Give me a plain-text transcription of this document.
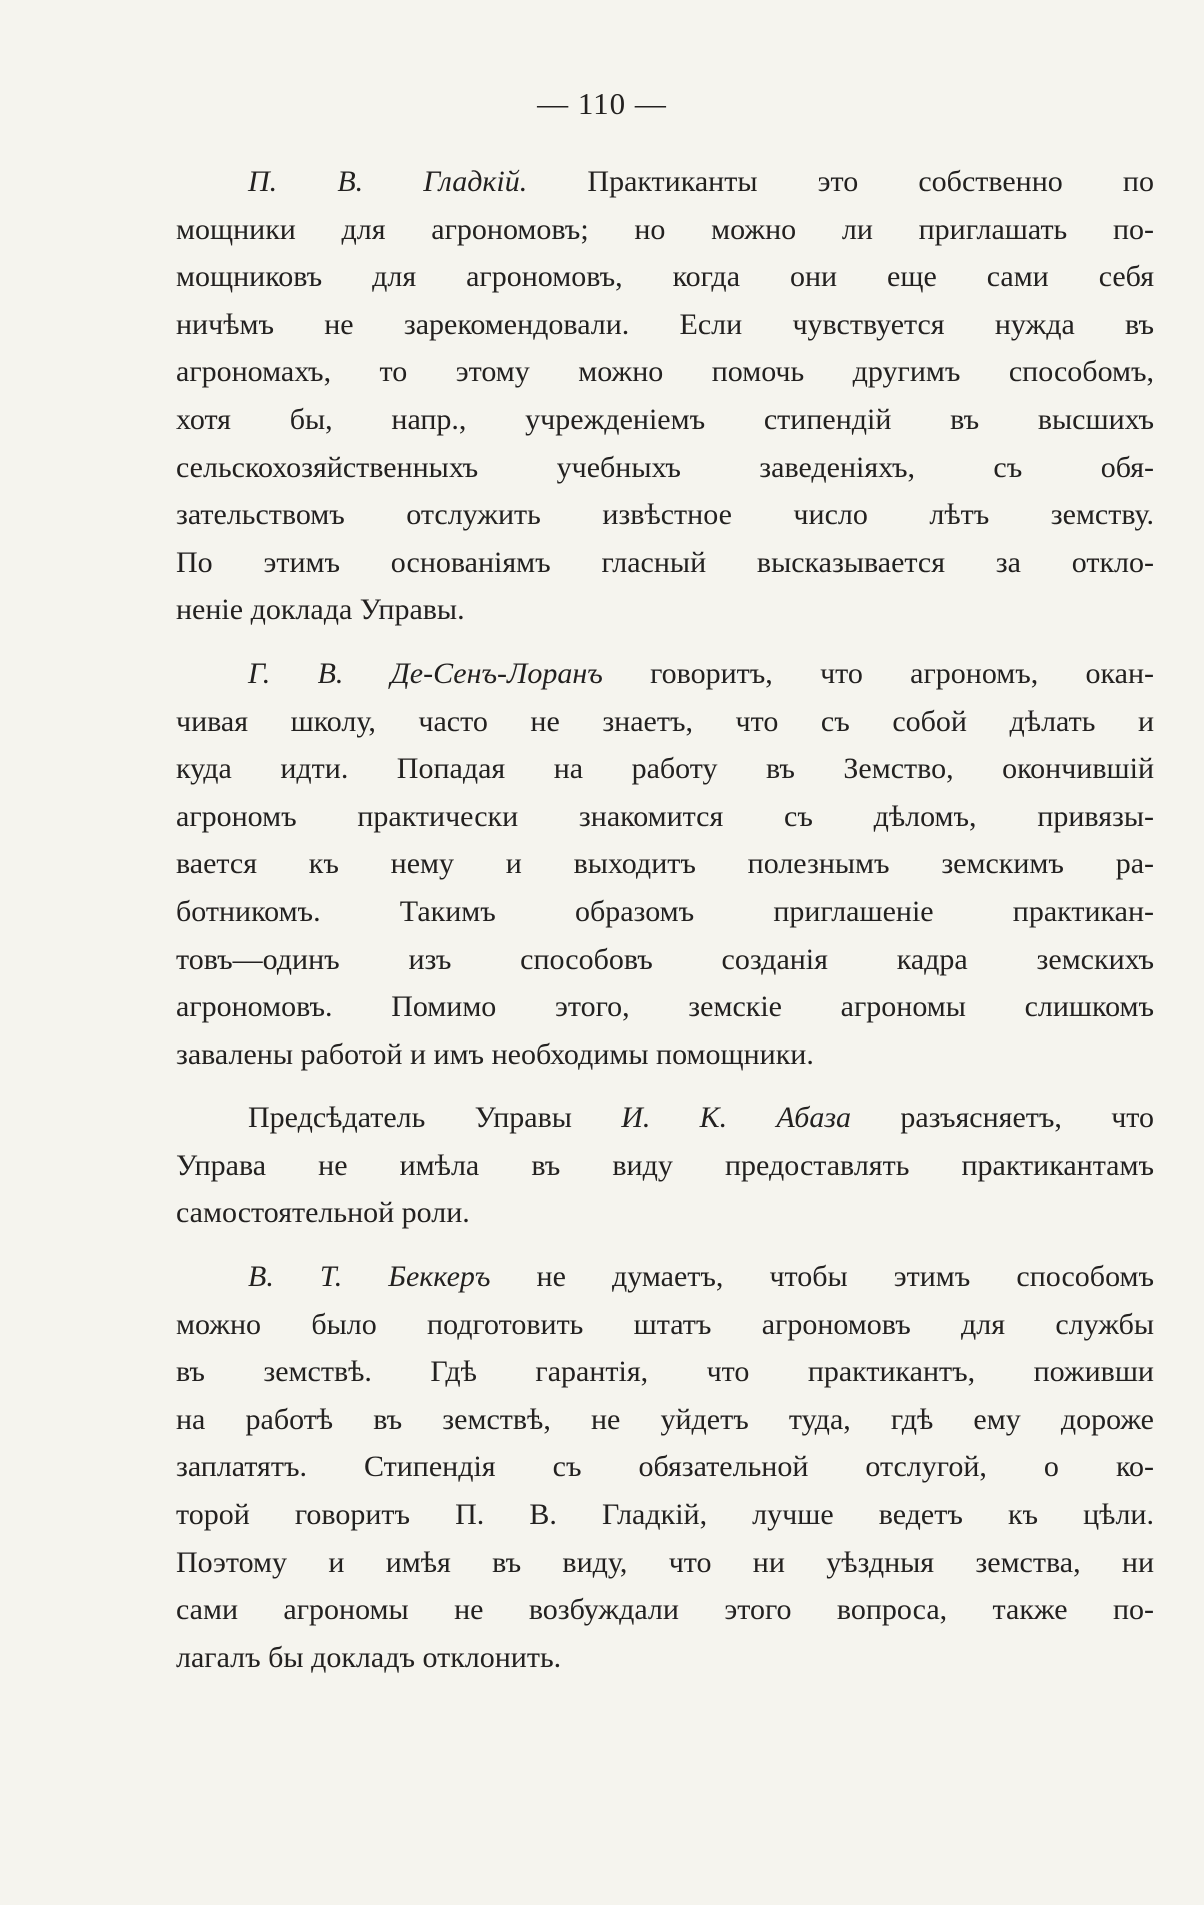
— 110 —

П. В. Гладкій. Практиканты это собственно по
мощники для агрономовъ; но можно ли приглашать по-
мощниковъ для агрономовъ, когда они еще сами себя
ничѣмъ не зарекомендовали. Если чувствуется нужда въ
агрономахъ, то этому можно помочь другимъ способомъ,
хотя бы, напр., учрежденіемъ стипендій въ высшихъ
сельскохозяйственныхъ учебныхъ заведеніяхъ, съ обя-
зательствомъ отслужить извѣстное число лѣтъ земству.
По этимъ основаніямъ гласный высказывается за откло-
неніе доклада Управы.

Г. В. Де-Сенъ-Лоранъ говоритъ, что агрономъ, окан-
чивая школу, часто не знаетъ, что съ собой дѣлать и
куда идти. Попадая на работу въ Земство, окончившій
агрономъ практически знакомится съ дѣломъ, привязы-
вается къ нему и выходитъ полезнымъ земскимъ ра-
ботникомъ. Такимъ образомъ приглашеніе практикан-
товъ—одинъ изъ способовъ созданія кадра земскихъ
агрономовъ. Помимо этого, земскіе агрономы слишкомъ
завалены работой и имъ необходимы помощники.

Предсѣдатель Управы И. К. Абаза разъясняетъ, что
Управа не имѣла въ виду предоставлять практикантамъ
самостоятельной роли.

В. Т. Беккеръ не думаетъ, чтобы этимъ способомъ
можно было подготовить штатъ агрономовъ для службы
въ земствѣ. Гдѣ гарантія, что практикантъ, поживши
на работѣ въ земствѣ, не уйдетъ туда, гдѣ ему дороже
заплатятъ. Стипендія съ обязательной отслугой, о ко-
торой говоритъ П. В. Гладкій, лучше ведетъ къ цѣли.
Поэтому и имѣя въ виду, что ни уѣздныя земства, ни
сами агрономы не возбуждали этого вопроса, также по-
лагалъ бы докладъ отклонить.
